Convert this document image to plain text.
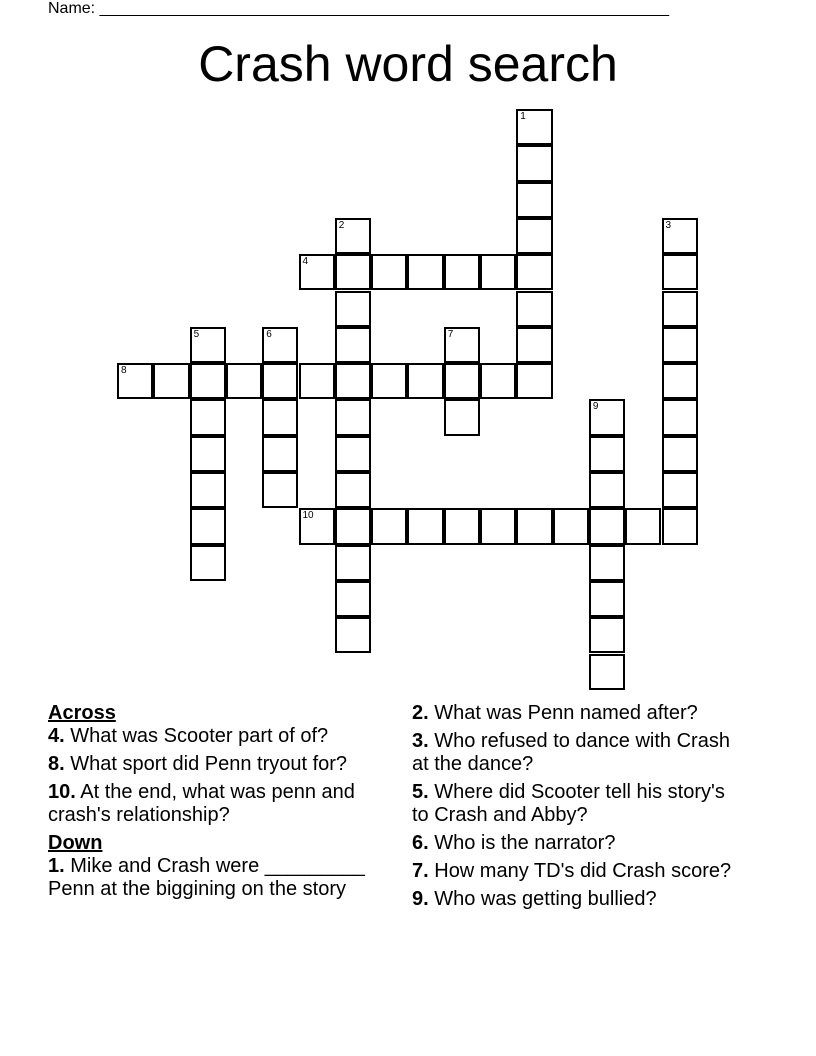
Name: ________________________________________________________________
Crash word search
1
2	3
4
5	6	7
8
9
10
Across
4. What was Scooter part of of?
8. What sport did Penn tryout for?
10. At the end, what was penn and crash's relationship?
Down
1. Mike and Crash were _________ Penn at the biggining on the story
2. What was Penn named after?
3. Who refused to dance with Crash at the dance?
5. Where did Scooter tell his story's to Crash and Abby?
6. Who is the narrator?
7. How many TD's did Crash score?
9. Who was getting bullied?
